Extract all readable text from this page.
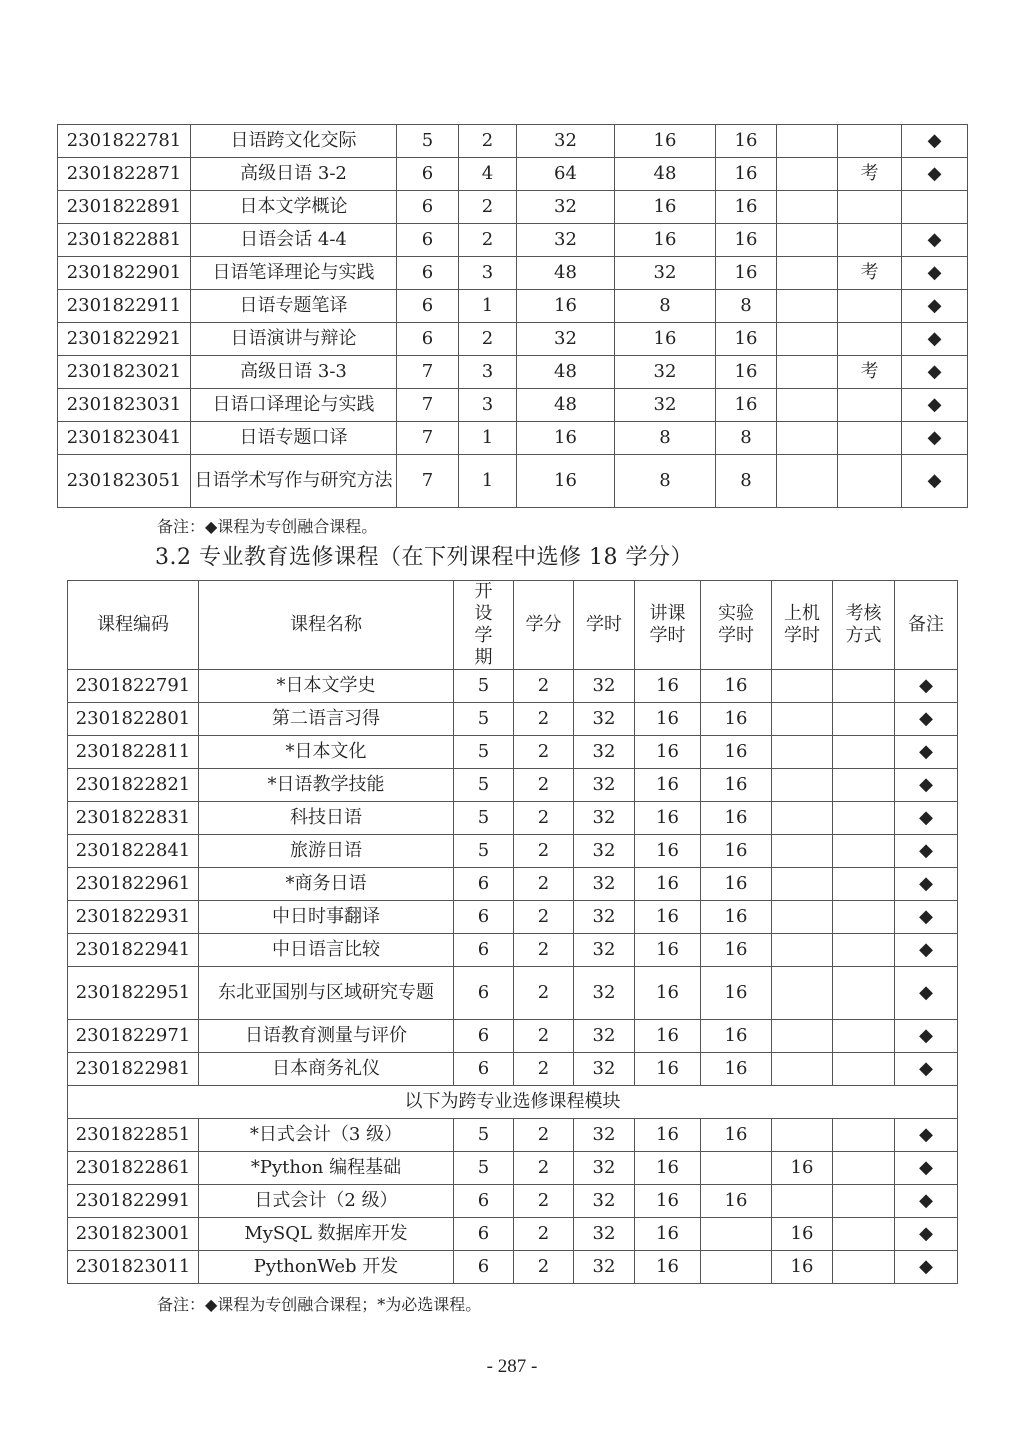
2301822781	日语跨文化交际	5	2	32	16	16			◆
2301822871	高级日语 3-2	6	4	64	48	16		考	◆
2301822891	日本文学概论	6	2	32	16	16			
2301822881	日语会话 4-4	6	2	32	16	16			◆
2301822901	日语笔译理论与实践	6	3	48	32	16		考	◆
2301822911	日语专题笔译	6	1	16	8	8			◆
2301822921	日语演讲与辩论	6	2	32	16	16			◆
2301823021	高级日语 3-3	7	3	48	32	16		考	◆
2301823031	日语口译理论与实践	7	3	48	32	16			◆
2301823041	日语专题口译	7	1	16	8	8			◆
2301823051	日语学术写作与研究方法	7	1	16	8	8			◆
备注：◆课程为专创融合课程。
3.2 专业教育选修课程（在下列课程中选修 18 学分）
课程编码	课程名称	开设学期	学分	学时	讲课学时	实验学时	上机学时	考核方式	备注
2301822791	*日本文学史	5	2	32	16	16			◆
2301822801	第二语言习得	5	2	32	16	16			◆
2301822811	*日本文化	5	2	32	16	16			◆
2301822821	*日语教学技能	5	2	32	16	16			◆
2301822831	科技日语	5	2	32	16	16			◆
2301822841	旅游日语	5	2	32	16	16			◆
2301822961	*商务日语	6	2	32	16	16			◆
2301822931	中日时事翻译	6	2	32	16	16			◆
2301822941	中日语言比较	6	2	32	16	16			◆
2301822951	东北亚国别与区域研究专题	6	2	32	16	16			◆
2301822971	日语教育测量与评价	6	2	32	16	16			◆
2301822981	日本商务礼仪	6	2	32	16	16			◆
以下为跨专业选修课程模块									
2301822851	*日式会计（3 级）	5	2	32	16	16			◆
2301822861	*Python 编程基础	5	2	32	16		16		◆
2301822991	日式会计（2 级）	6	2	32	16	16			◆
2301823001	MySQL 数据库开发	6	2	32	16		16		◆
2301823011	PythonWeb 开发	6	2	32	16		16		◆
备注：◆课程为专创融合课程；*为必选课程。
- 287 -
